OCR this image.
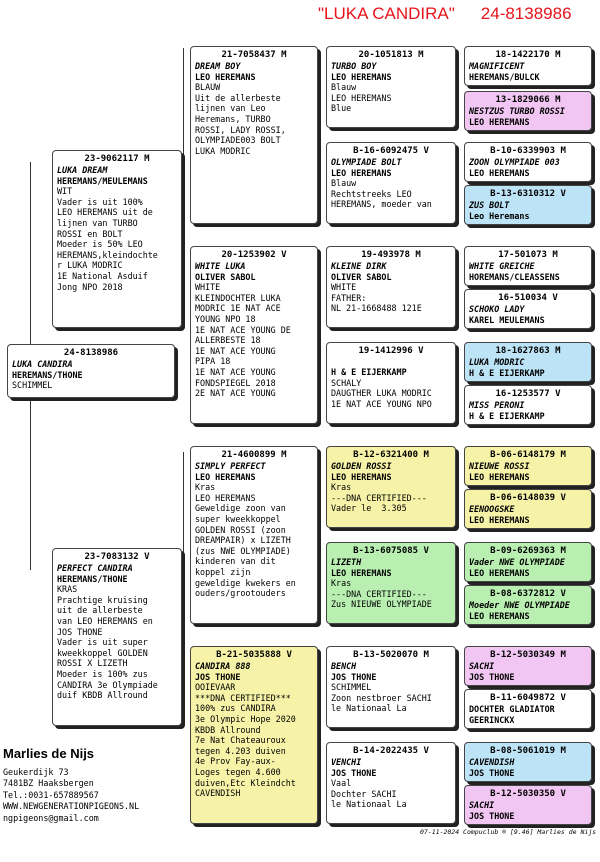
"LUKA CANDIRA" 24-8138986
24-8138986
LUKA CANDIRA
HEREMANS/THONE
SCHIMMEL
23-9062117 M
LUKA DREAM
HEREMANS/MEULEMANS
WIT
Vader is uit 100%
LEO HEREMANS uit de
lijnen van TURBO
ROSSI en BOLT
Moeder is 50% LEO
HEREMANS,kleindochte
r LUKA MODRIC
1E National Asduif
Jong NPO 2018
23-7083132 V
PERFECT CANDIRA
HEREMANS/THONE
KRAS
Prachtige kruising
uit de allerbeste
van LEO HEREMANS en
JOS THONE
Vader is uit super
kweekkoppel GOLDEN
ROSSI X LIZETH
Moeder is 100% zus
CANDIRA 3e Olympiade
duif KBDB Allround
21-7058437 M
DREAM BOY
LEO HEREMANS
BLAUW
Uit de allerbeste
lijnen van Leo
Heremans, TURBO
ROSSI, LADY ROSSI,
OLYMPIADE003 BOLT
LUKA MODRIC
20-1253902 V
WHITE LUKA
OLIVER SABOL
WHITE
KLEINDOCHTER LUKA
MODRIC 1E NAT ACE
YOUNG NPO 18
1E NAT ACE YOUNG DE
ALLERBESTE 18
1E NAT ACE YOUNG
PIPA 18
1E NAT ACE YOUNG
FONDSPIEGEL 2018
2E NAT ACE YOUNG
21-4600899 M
SIMPLY PERFECT
LEO HEREMANS
Kras
LEO HEREMANS
Geweldige zoon van
super kweekkoppel
GOLDEN ROSSI (zoon
DREAMPAIR) x LIZETH
(zus NWE OLYMPIADE)
kinderen van dit
koppel zijn
geweldige kwekers en
ouders/grootouders
B-21-5035888 V
CANDIRA 888
JOS THONE
OOIEVAAR
***DNA CERTIFIED***
100% zus CANDIRA
3e Olympic Hope 2020
KBDB Allround
7e Nat Chateauroux
tegen 4.203 duiven
4e Prov Fay-aux-
Loges tegen 4.600
duiven,Etc Kleindcht
CAVENDISH
20-1051813 M
TURBO BOY
LEO HEREMANS
Blauw
LEO HEREMANS
Blue
B-16-6092475 V
OLYMPIADE BOLT
LEO HEREMANS
Blauw
Rechtstreeks LEO
HEREMANS, moeder van
19-493978 M
KLEINE DIRK
OLIVER SABOL
WHITE
FATHER:
NL 21-1668488 121E
19-1412996 V
H & E EIJERKAMP
SCHALY
DAUGTHER LUKA MODRIC
1E NAT ACE YOUNG NPO
B-12-6321400 M
GOLDEN ROSSI
LEO HEREMANS
Kras
---DNA CERTIFIED---
Vader le  3.305
B-13-6075085 V
LIZETH
LEO HEREMANS
Kras
---DNA CERTIFIED---
Zus NIEUWE OLYMPIADE
B-13-5020070 M
BENCH
JOS THONE
SCHIMMEL
Zoon nestbroer SACHI
le Nationaal La
B-14-2022435 V
VENCHI
JOS THONE
Vaal
Dochter SACHI
le Nationaal La
18-1422170 M
MAGNIFICENT
HEREMANS/BULCK
13-1829066 M
NESTZUS TURBO ROSSI
LEO HEREMANS
B-10-6339903 M
ZOON OLYMPIADE 003
LEO HEREMANS
B-13-6310312 V
ZUS BOLT
Leo Heremans
17-501073 M
WHITE GREICHE
HOREMANS/CLEASSENS
16-510034 V
SCHOKO LADY
KAREL MEULEMANS
18-1627863 M
LUKA MODRIC
H & E EIJERKAMP
16-1253577 V
MISS PERONI
H & E EIJERKAMP
B-06-6148179 M
NIEUWE ROSSI
LEO HEREMANS
B-06-6148039 V
EENOOGSKE
LEO HEREMANS
B-09-6269363 M
Vader NWE OLYMPIADE
LEO HEREMANS
B-08-6372812 V
Moeder NWE OLYMPIADE
LEO HEREMANS
B-12-5030349 M
SACHI
JOS THONE
B-11-6049872 V
DOCHTER GLADIATOR
GEERINCKX
B-08-5061019 M
CAVENDISH
JOS THONE
B-12-5030350 V
SACHI
JOS THONE
Marlies de Nijs
Geukerdijk 73
7481BZ Haaksbergen
Tel.:0031-657889567
WWW.NEWGENERATIONPIGEONS.NL
ngpigeons@gmail.com
07-11-2024 Compuclub ® [9.46] Marlies de Nijs
